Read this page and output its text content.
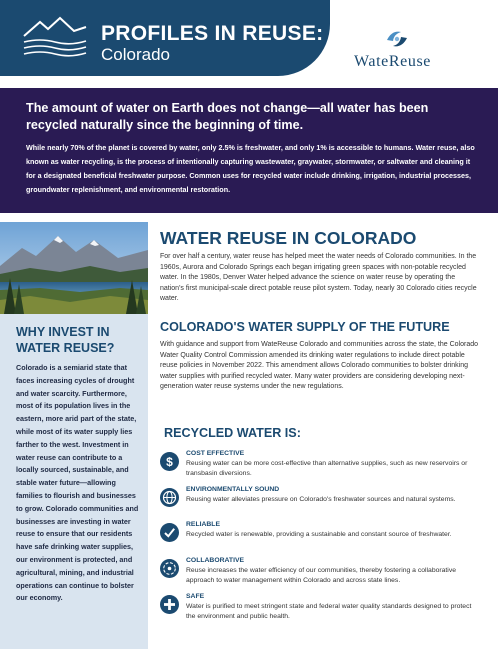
PROFILES IN REUSE:
Colorado	WateReuse
The amount of water on Earth does not change—all water has been recycled naturally since the beginning of time.
While nearly 70% of the planet is covered by water, only 2.5% is freshwater, and only 1% is accessible to humans. Water reuse, also known as water recycling, is the process of intentionally capturing wastewater, graywater, stormwater, or saltwater and cleaning it for a designated beneficial freshwater purpose. Common uses for recycled water include drinking, irrigation, industrial processes, groundwater replenishment, and environmental restoration.
WHY INVEST IN WATER REUSE?
Colorado is a semiarid state that faces increasing cycles of drought and water scarcity. Furthermore, most of its population lives in the eastern, more arid part of the state, while most of its water supply lies farther to the west. Investment in water reuse can contribute to a locally sourced, sustainable, and stable water future—allowing families to flourish and businesses to grow. Colorado communities and businesses are investing in water reuse to ensure that our residents have safe drinking water supplies, our environment is protected, and agricultural, mining, and industrial operations can continue to bolster our economy.
WATER REUSE IN COLORADO
For over half a century, water reuse has helped meet the water needs of Colorado communities. In the 1960s, Aurora and Colorado Springs each began irrigating green spaces with non-potable recycled water. In the 1980s, Denver Water helped advance the science on water reuse by operating the nation's first municipal-scale direct potable reuse pilot system. Today, nearly 30 Colorado cities recycle water.
COLORADO'S WATER SUPPLY OF THE FUTURE
With guidance and support from WateReuse Colorado and communities across the state, the Colorado Water Quality Control Commission amended its drinking water regulations to include direct potable reuse policies in November 2022. This amendment allows Colorado communities to bolster drinking water supplies with purified recycled water. Many water providers are considering developing next-generation water reuse systems under the new regulations.
RECYCLED WATER IS:
$
COST EFFECTIVE
Reusing water can be more cost-effective than alternative supplies, such as new reservoirs or transbasin diversions.
ENVIRONMENTALLY SOUND
Reusing water alleviates pressure on Colorado's freshwater sources and natural systems.
RELIABLE
Recycled water is renewable, providing a sustainable and constant source of freshwater.
COLLABORATIVE
Reuse increases the water efficiency of our communities, thereby fostering a collaborative approach to water management within Colorado and across state lines.
SAFE
Water is purified to meet stringent state and federal water quality standards designed to protect the environment and public health.
